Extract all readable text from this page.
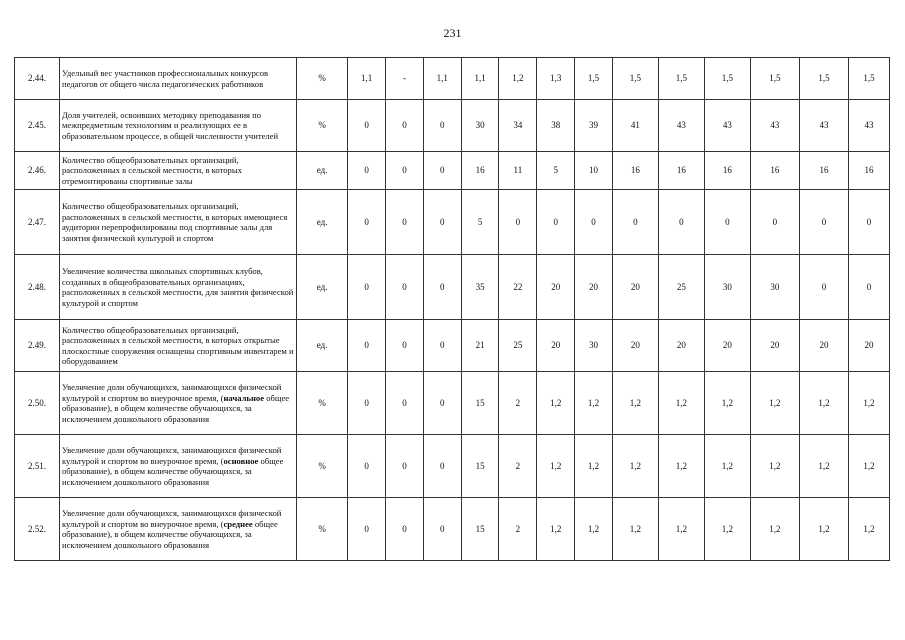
231
2.44.	Удельный вес участников профессиональных конкурсов педагогов от общего числа педагогических работников	%	1,1	-	1,1	1,1	1,2	1,3	1,5	1,5	1,5	1,5	1,5	1,5	1,5
2.45.	Доля учителей, освоивших методику преподавания по межпредметным технологиям и реализующих ее в образовательном процессе, в общей численности учителей	%	0	0	0	30	34	38	39	41	43	43	43	43	43
2.46.	Количество общеобразовательных организаций, расположенных в сельской местности, в которых отремонтированы спортивные залы	ед.	0	0	0	16	11	5	10	16	16	16	16	16	16
2.47.	Количество общеобразовательных организаций, расположенных в сельской местности, в которых имеющиеся аудитории перепрофилированы под спортивные залы для занятия физической культурой и спортом	ед.	0	0	0	5	0	0	0	0	0	0	0	0	0
2.48.	Увеличение количества школьных спортивных клубов, созданных в общеобразовательных организациях, расположенных в сельской местности, для занятия физической культурой и спортом	ед.	0	0	0	35	22	20	20	20	25	30	30	0	0
2.49.	Количество общеобразовательных организаций, расположенных в сельской местности, в которых открытые плоскостные сооружения оснащены спортивным инвентарем и оборудованием	ед.	0	0	0	21	25	20	30	20	20	20	20	20	20
2.50.	Увеличение доли обучающихся, занимающихся физической культурой и спортом во внеурочное время, (начальное общее образование), в общем количестве обучающихся, за исключением дошкольного образования	%	0	0	0	15	2	1,2	1,2	1,2	1,2	1,2	1,2	1,2	1,2
2.51.	Увеличение доли обучающихся, занимающихся физической культурой и спортом во внеурочное время, (основное общее образование), в общем количестве обучающихся, за исключением дошкольного образования	%	0	0	0	15	2	1,2	1,2	1,2	1,2	1,2	1,2	1,2	1,2
2.52.	Увеличение доли обучающихся, занимающихся физической культурой и спортом во внеурочное время, (среднее общее образование), в общем количестве обучающихся, за исключением дошкольного образования	%	0	0	0	15	2	1,2	1,2	1,2	1,2	1,2	1,2	1,2	1,2
